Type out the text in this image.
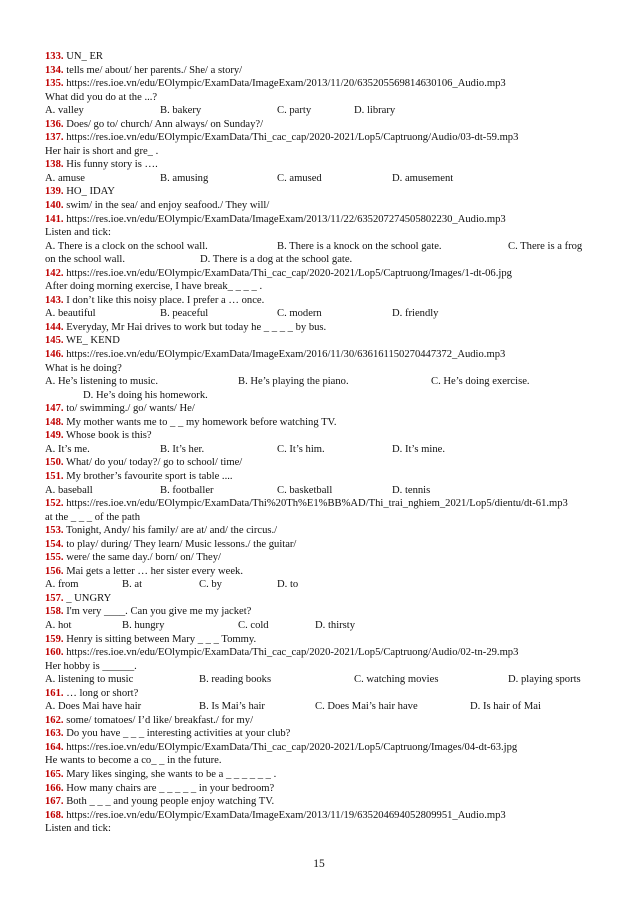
133. UN_ ER
134. tells me/ about/ her parents./ She/ a story/
135. https://res.ioe.vn/edu/EOlympic/ExamData/ImageExam/2013/11/20/635205569814630106_Audio.mp3
What did you do at the ...?
A. valley	B. bakery	C. party	D. library
136. Does/ go to/ church/ Ann always/ on Sunday?/
137. https://res.ioe.vn/edu/EOlympic/ExamData/Thi_cac_cap/2020-2021/Lop5/Captruong/Audio/03-dt-59.mp3
Her hair is short and gre_ .
138. His funny story is ….
A. amuse	B. amusing	C. amused	D. amusement
139. HO_ IDAY
140. swim/ in the sea/ and enjoy seafood./ They will/
141. https://res.ioe.vn/edu/EOlympic/ExamData/ImageExam/2013/11/22/635207274505802230_Audio.mp3
Listen and tick:
A. There is a clock on the school wall.	B. There is a knock on the school gate.	C. There is a frog
on the school wall.	D. There is a dog at the school gate.
142. https://res.ioe.vn/edu/EOlympic/ExamData/Thi_cac_cap/2020-2021/Lop5/Captruong/Images/1-dt-06.jpg
After doing morning exercise, I have break_ _ _ _ .
143. I don’t like this noisy place. I prefer a … once.
A. beautiful	B. peaceful	C. modern	D. friendly
144. Everyday, Mr Hai drives to work but today he _ _ _ _ by bus.
145. WE_ KEND
146. https://res.ioe.vn/edu/EOlympic/ExamData/ImageExam/2016/11/30/636161150270447372_Audio.mp3
What is he doing?
A. He’s listening to music.	B. He’s playing the piano.	C. He’s doing exercise.
D. He’s doing his homework.
147. to/ swimming./ go/ wants/ He/
148. My mother wants me to _ _ my homework before watching TV.
149. Whose book is this?
A. It’s me.	B. It’s her.	C. It’s him.	D. It’s mine.
150. What/ do you/ today?/ go to school/ time/
151. My brother’s favourite sport is table ....
A. baseball	B. footballer	C. basketball	D. tennis
152. https://res.ioe.vn/edu/EOlympic/ExamData/Thi%20Th%E1%BB%AD/Thi_trai_nghiem_2021/Lop5/dientu/dt-61.mp3
at the _ _ _ of the path
153. Tonight, Andy/ his family/ are at/ and/ the circus./
154. to play/ during/ They learn/ Music lessons./ the guitar/
155. were/ the same day./ born/ on/ They/
156. Mai gets a letter … her sister every week.
A. from	B. at	C. by	D. to
157. _ UNGRY
158. I'm very ____. Can you give me my jacket?
A. hot	B. hungry	C. cold	D. thirsty
159. Henry is sitting between Mary _ _ _ Tommy.
160. https://res.ioe.vn/edu/EOlympic/ExamData/Thi_cac_cap/2020-2021/Lop5/Captruong/Audio/02-tn-29.mp3
Her hobby is ______.
A. listening to music	B. reading books	C. watching movies	D. playing sports
161. … long or short?
A. Does Mai have hair	B. Is Mai’s hair	C. Does Mai’s hair have	D. Is hair of Mai
162. some/ tomatoes/ I’d like/ breakfast./ for my/
163. Do you have _ _ _ interesting activities at your club?
164. https://res.ioe.vn/edu/EOlympic/ExamData/Thi_cac_cap/2020-2021/Lop5/Captruong/Images/04-dt-63.jpg
He wants to become a co_ _ in the future.
165. Mary likes singing, she wants to be a _ _ _ _ _ _ .
166. How many chairs are _ _ _ _ _ in your bedroom?
167. Both _ _ _ and young people enjoy watching TV.
168. https://res.ioe.vn/edu/EOlympic/ExamData/ImageExam/2013/11/19/635204694052809951_Audio.mp3
Listen and tick:
15
